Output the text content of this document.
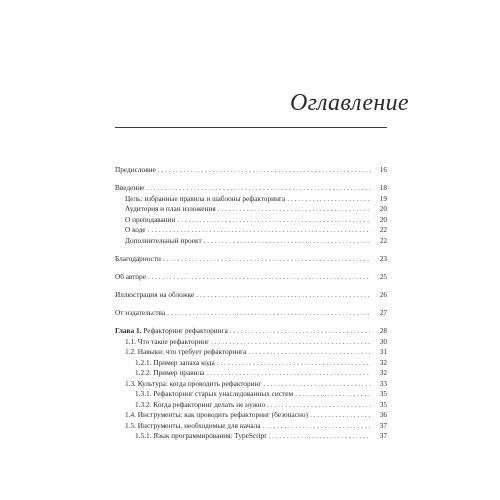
Оглавление
Предисловие . . .	16
Введение . . .	18
Цель: избранные правила и шаблоны рефакторинга . . .	19
Аудитория и план изложения . . .	20
О преподавании . . .	20
О коде . . .	22
Дополнительный проект . . .	22
Благодарности . . .	23
Об авторе . . .	25
Иллюстрация на обложке . . .	26
От издательства . . .	27
Глава 1. Рефакторинг рефакторинга . . .	28
1.1. Что такое рефакторинг . . .	30
1.2. Навыки: что требует рефакторинга . . .	31
1.2.1. Пример запаха кода . . .	32
1.2.2. Пример правила . . .	32
1.3. Культура: когда проводить рефакторинг . . .	33
1.3.1. Рефакторинг старых унаследованных систем . . .	35
1.3.2. Когда рефакторинг делать не нужно . . .	35
1.4. Инструменты: как проводить рефакторинг (безопасно) . . .	36
1.5. Инструменты, необходимые для начала . . .	37
1.5.1. Язык программирования: TypeScript . . .	37
